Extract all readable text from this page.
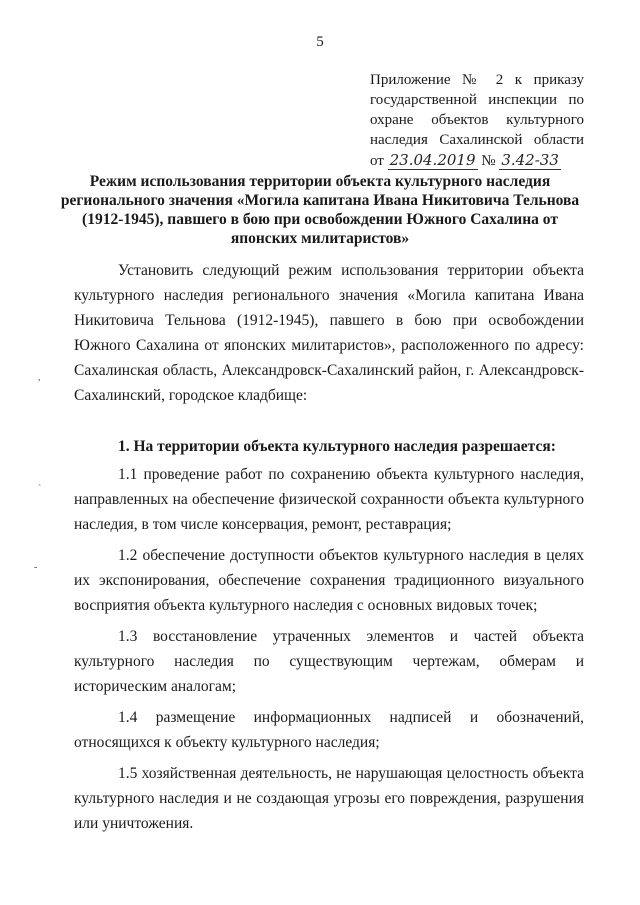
5
Приложение № 2 к приказу
государственной инспекции по
охране объектов культурного
наследия Сахалинской области
от 23.04.2019 № 3.42-33
Режим использования территории объекта культурного наследия регионального значения «Могила капитана Ивана Никитовича Тельнова (1912-1945), павшего в бою при освобождении Южного Сахалина от японских милитаристов»

Установить следующий режим использования территории объекта культурного наследия регионального значения «Могила капитана Ивана Никитовича Тельнова (1912-1945), павшего в бою при освобождении Южного Сахалина от японских милитаристов», расположенного по адресу: Сахалинская область, Александровск-Сахалинский район, г. Александровск-Сахалинский, городское кладбище:

1. На территории объекта культурного наследия разрешается:

1.1 проведение работ по сохранению объекта культурного наследия, направленных на обеспечение физической сохранности объекта культурного наследия, в том числе консервация, ремонт, реставрация;

1.2 обеспечение доступности объектов культурного наследия в целях их экспонирования, обеспечение сохранения традиционного визуального восприятия объекта культурного наследия с основных видовых точек;

1.3 восстановление утраченных элементов и частей объекта культурного наследия по существующим чертежам, обмерам и историческим аналогам;

1.4 размещение информационных надписей и обозначений, относящихся к объекту культурного наследия;

1.5 хозяйственная деятельность, не нарушающая целостность объекта культурного наследия и не создающая угрозы его повреждения, разрушения или уничтожения.

,
`
-
